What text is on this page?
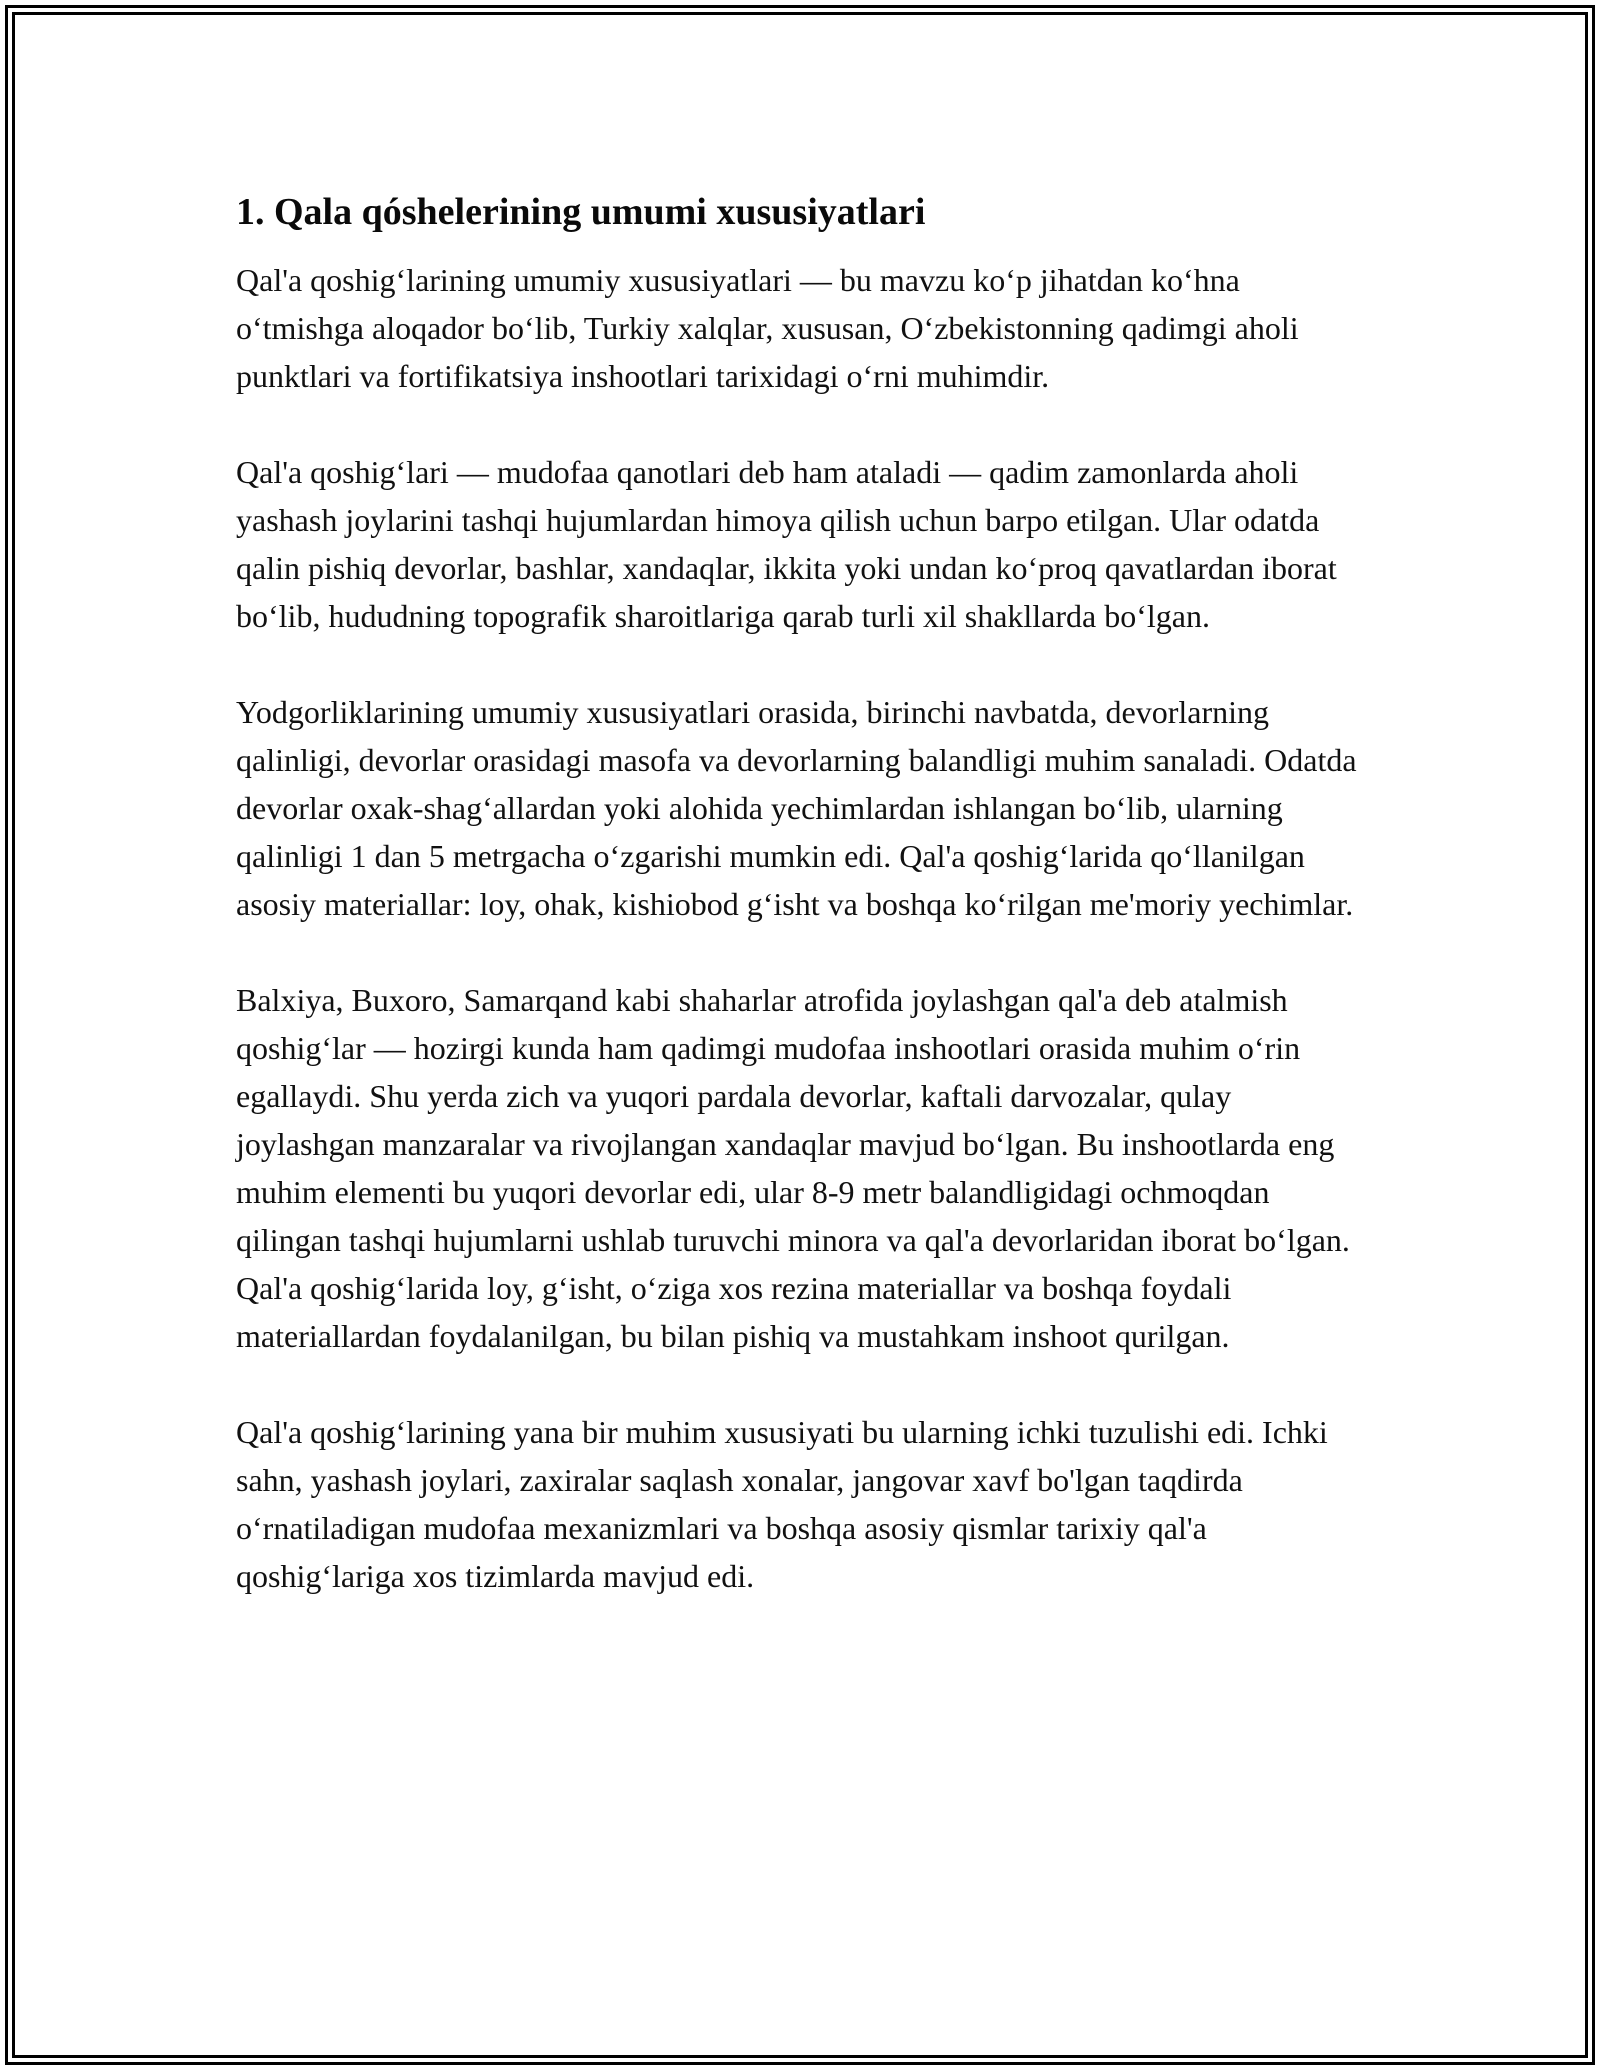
1. Qala qóshelerining umumi xususiyatlari

Qal'a qoshig‘larining umumiy xususiyatlari — bu mavzu ko‘p jihatdan ko‘hna o‘tmishga aloqador bo‘lib, Turkiy xalqlar, xususan, O‘zbekistonning qadimgi aholi punktlari va fortifikatsiya inshootlari tarixidagi o‘rni muhimdir.

Qal'a qoshig‘lari — mudofaa qanotlari deb ham ataladi — qadim zamonlarda aholi yashash joylarini tashqi hujumlardan himoya qilish uchun barpo etilgan. Ular odatda qalin pishiq devorlar, bashlar, xandaqlar, ikkita yoki undan ko‘proq qavatlardan iborat bo‘lib, hududning topografik sharoitlariga qarab turli xil shakllarda bo‘lgan.

Yodgorliklarining umumiy xususiyatlari orasida, birinchi navbatda, devorlarning qalinligi, devorlar orasidagi masofa va devorlarning balandligi muhim sanaladi. Odatda devorlar oxak-shag‘allardan yoki alohida yechimlardan ishlangan bo‘lib, ularning qalinligi 1 dan 5 metrgacha o‘zgarishi mumkin edi. Qal'a qoshig‘larida qo‘llanilgan asosiy materiallar: loy, ohak, kishiobod g‘isht va boshqa ko‘rilgan me'moriy yechimlar.

Balxiya, Buxoro, Samarqand kabi shaharlar atrofida joylashgan qal'a deb atalmish qoshig‘lar — hozirgi kunda ham qadimgi mudofaa inshootlari orasida muhim o‘rin egallaydi. Shu yerda zich va yuqori pardala devorlar, kaftali darvozalar, qulay joylashgan manzaralar va rivojlangan xandaqlar mavjud bo‘lgan. Bu inshootlarda eng muhim elementi bu yuqori devorlar edi, ular 8-9 metr balandligidagi ochmoqdan qilingan tashqi hujumlarni ushlab turuvchi minora va qal'a devorlaridan iborat bo‘lgan. Qal'a qoshig‘larida loy, g‘isht, o‘ziga xos rezina materiallar va boshqa foydali materiallardan foydalanilgan, bu bilan pishiq va mustahkam inshoot qurilgan.

Qal'a qoshig‘larining yana bir muhim xususiyati bu ularning ichki tuzulishi edi. Ichki sahn, yashash joylari, zaxiralar saqlash xonalar, jangovar xavf bo'lgan taqdirda o‘rnatiladigan mudofaa mexanizmlari va boshqa asosiy qismlar tarixiy qal'a qoshig‘lariga xos tizimlarda mavjud edi.
